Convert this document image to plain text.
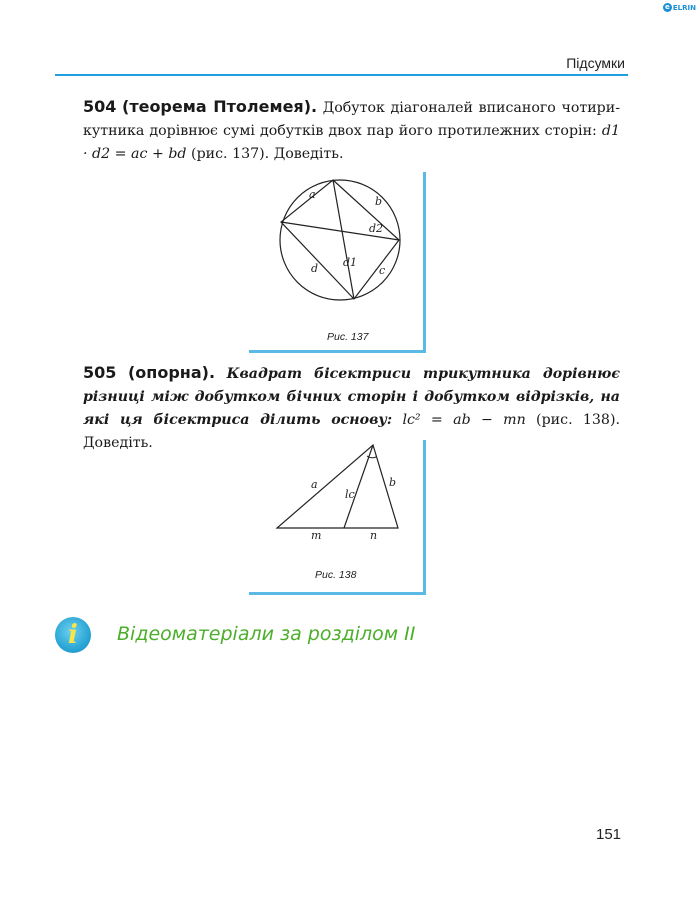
e ELRIN
Підсумки
504 (теорема Птолемея). Добуток діагоналей вписаного чотирикутника дорівнює сумі добутків двох пар його протилежних сторін: d1 · d2 = ac + bd (рис. 137). Доведіть.
a
b
c
d d1
d2
Рис. 137
505 (опорна). Квадрат бісектриси трикутника дорівнює різниці між добутком бічних сторін і добутком відрізків, на які ця бісектриса ділить основу: lc² = ab − mn (рис. 138). Доведіть.
a	b
lc
m	n
Рис. 138
i	Відеоматеріали за розділом II
151
